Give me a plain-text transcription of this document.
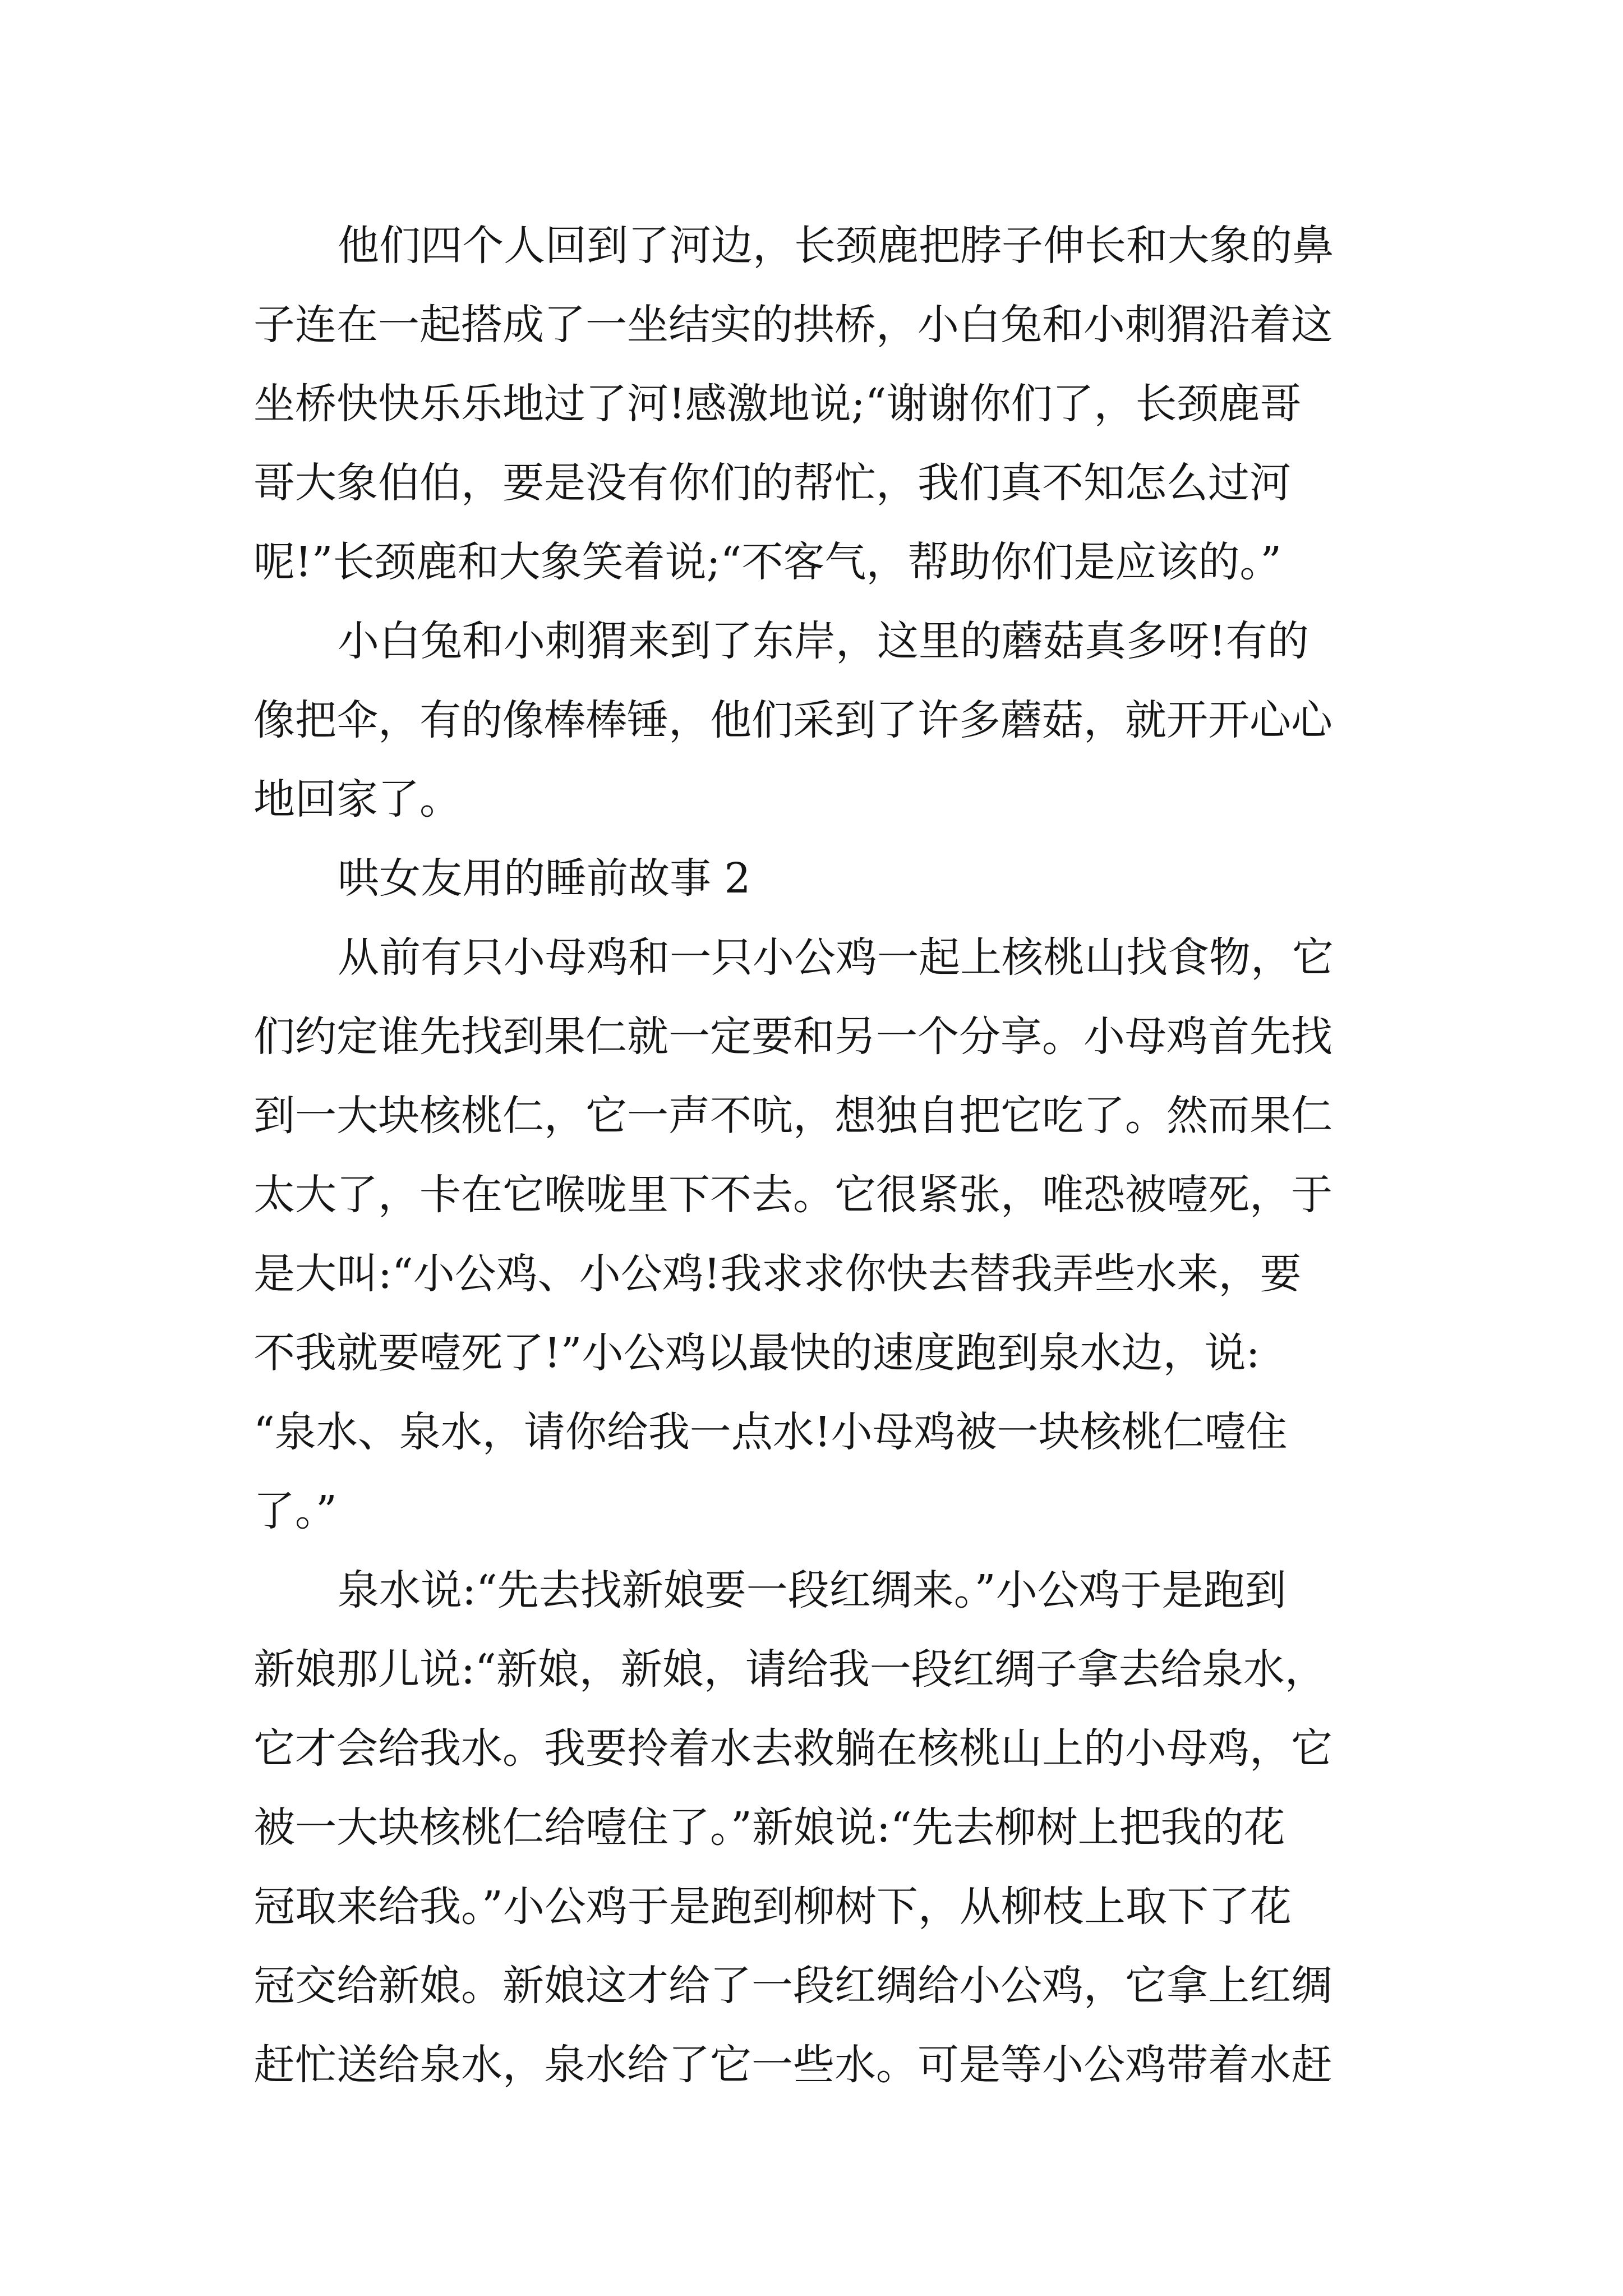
他们四个人回到了河边，长颈鹿把脖子伸长和大象的鼻
子连在一起搭成了一坐结实的拱桥，小白兔和小刺猬沿着这
坐桥快快乐乐地过了河!感激地说;“谢谢你们了，长颈鹿哥
哥大象伯伯，要是没有你们的帮忙，我们真不知怎么过河
呢!”长颈鹿和大象笑着说;“不客气，帮助你们是应该的。”
小白兔和小刺猬来到了东岸，这里的蘑菇真多呀!有的
像把伞，有的像棒棒锤，他们采到了许多蘑菇，就开开心心
地回家了。
哄女友用的睡前故事 2
从前有只小母鸡和一只小公鸡一起上核桃山找食物，它
们约定谁先找到果仁就一定要和另一个分享。小母鸡首先找
到一大块核桃仁，它一声不吭，想独自把它吃了。然而果仁
太大了，卡在它喉咙里下不去。它很紧张，唯恐被噎死，于
是大叫:“小公鸡、小公鸡!我求求你快去替我弄些水来，要
不我就要噎死了!”小公鸡以最快的速度跑到泉水边，说:
“泉水、泉水，请你给我一点水!小母鸡被一块核桃仁噎住
了。”
泉水说:“先去找新娘要一段红绸来。”小公鸡于是跑到
新娘那儿说:“新娘，新娘，请给我一段红绸子拿去给泉水，
它才会给我水。我要拎着水去救躺在核桃山上的小母鸡，它
被一大块核桃仁给噎住了。”新娘说:“先去柳树上把我的花
冠取来给我。”小公鸡于是跑到柳树下，从柳枝上取下了花
冠交给新娘。新娘这才给了一段红绸给小公鸡，它拿上红绸
赶忙送给泉水，泉水给了它一些水。可是等小公鸡带着水赶
